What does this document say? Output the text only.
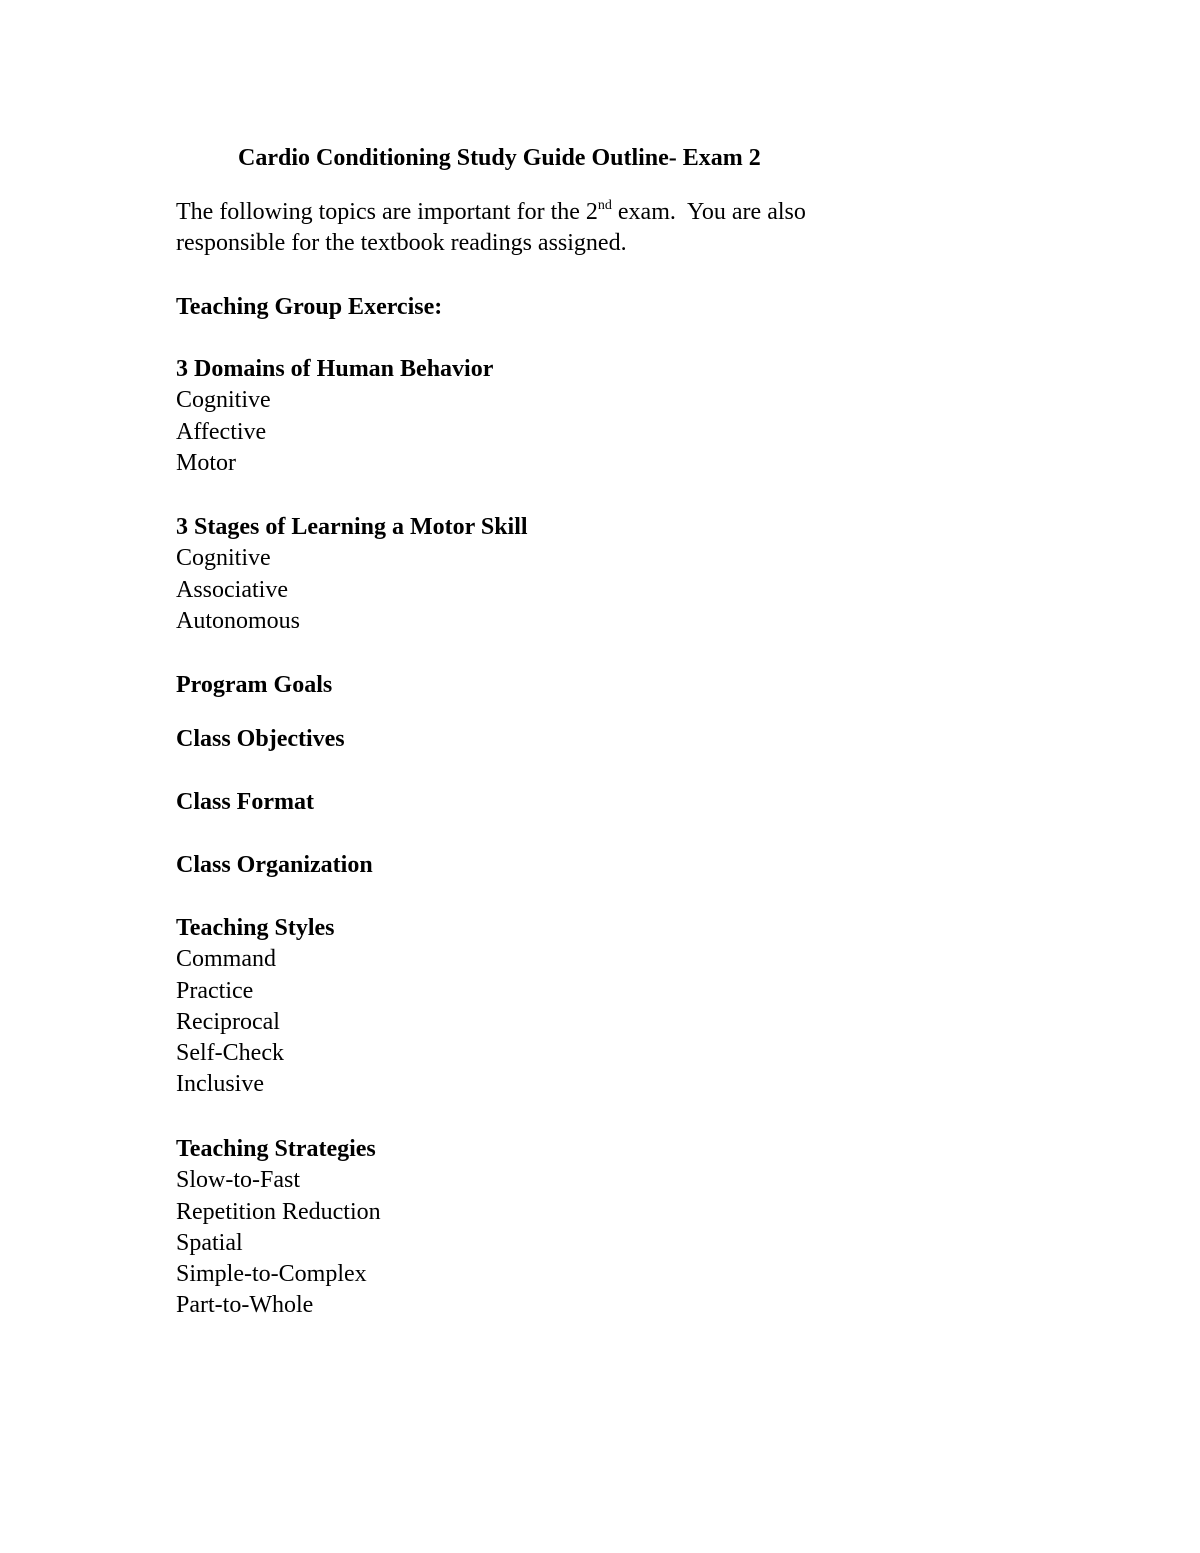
Cardio Conditioning Study Guide Outline- Exam 2
The following topics are important for the 2nd exam.  You are also
responsible for the textbook readings assigned.
Teaching Group Exercise:
3 Domains of Human Behavior
Cognitive
Affective
Motor
3 Stages of Learning a Motor Skill
Cognitive
Associative
Autonomous
Program Goals
Class Objectives
Class Format
Class Organization
Teaching Styles
Command
Practice
Reciprocal
Self-Check
Inclusive
Teaching Strategies
Slow-to-Fast
Repetition Reduction
Spatial
Simple-to-Complex
Part-to-Whole
